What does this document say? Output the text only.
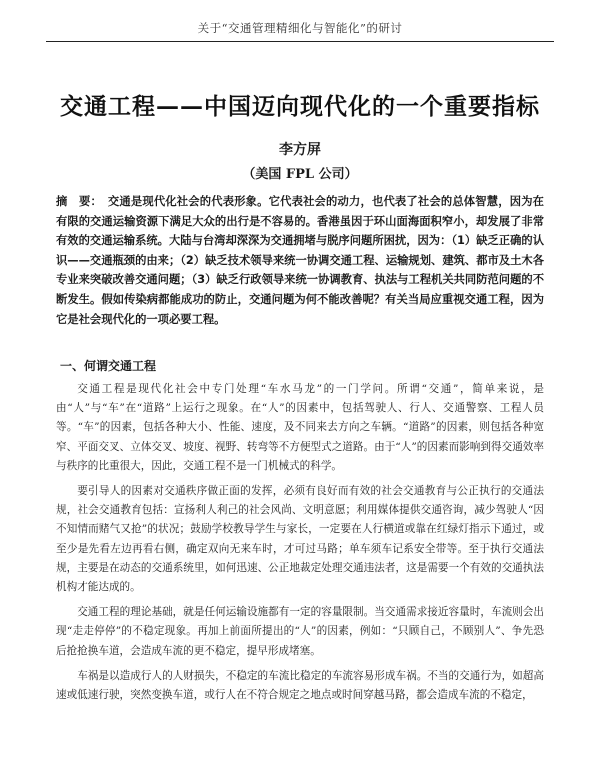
关于“交通管理精细化与智能化”的研讨
交通工程——中国迈向现代化的一个重要指标
李方屏
（美国 FPL 公司）
摘　要： 交通是现代化社会的代表形象。它代表社会的动力，也代表了社会的总体智慧，因为在有限的交通运输资源下满足大众的出行是不容易的。香港虽因于环山面海面积窄小，却发展了非常有效的交通运输系统。大陆与台湾却深深为交通拥堵与脱序问题所困扰，因为：（1）缺乏正确的认识——交通瓶颈的由来；（2）缺乏技术领导来统一协调交通工程、运输规划、建筑、都市及土木各专业来突破改善交通问题；（3）缺乏行政领导来统一协调教育、执法与工程机关共同防范问题的不断发生。假如传染病都能成功的防止，交通问题为何不能改善呢？有关当局应重视交通工程，因为它是社会现代化的一项必要工程。
一、何谓交通工程

交通工程是现代化社会中专门处理“车水马龙”的一门学问。所谓“交通”，简单来说，是由“人”与“车”在“道路”上运行之现象。在“人”的因素中，包括驾驶人、行人、交通警察、工程人员等。“车”的因素，包括各种大小、性能、速度，及不同来去方向之车辆。“道路”的因素，则包括各种宽窄、平面交叉、立体交叉、坡度、视野、转弯等不方便型式之道路。由于“人”的因素而影响到得交通效率与秩序的比重很大，因此，交通工程不是一门机械式的科学。

要引导人的因素对交通秩序做正面的发挥，必须有良好而有效的社会交通教育与公正执行的交通法规，社会交通教育包括：宣扬利人利己的社会风尚、文明意愿；利用媒体提供交通咨询，减少驾驶人“因不知情而赌气又抢”的状况；鼓励学校教导学生与家长，一定要在人行横道或靠在红绿灯指示下通过，或至少是先看左边再看右侧，确定双向无来车时，才可过马路；单车须车记系安全带等。至于执行交通法规，主要是在动态的交通系统里，如何迅速、公正地裁定处理交通违法者，这是需要一个有效的交通执法机构才能达成的。

交通工程的理论基础，就是任何运输设施都有一定的容量限制。当交通需求接近容量时，车流则会出现“走走停停”的不稳定现象。再加上前面所提出的“人”的因素，例如：“只顾自己，不顾别人”、争先恐后抢抢换车道，会造成车流的更不稳定，提早形成堵塞。

车祸是以造成行人的人财损失，不稳定的车流比稳定的车流容易形成车祸。不当的交通行为，如超高速或低速行驶，突然变换车道，或行人在不符合规定之地点或时间穿越马路，都会造成车流的不稳定，
